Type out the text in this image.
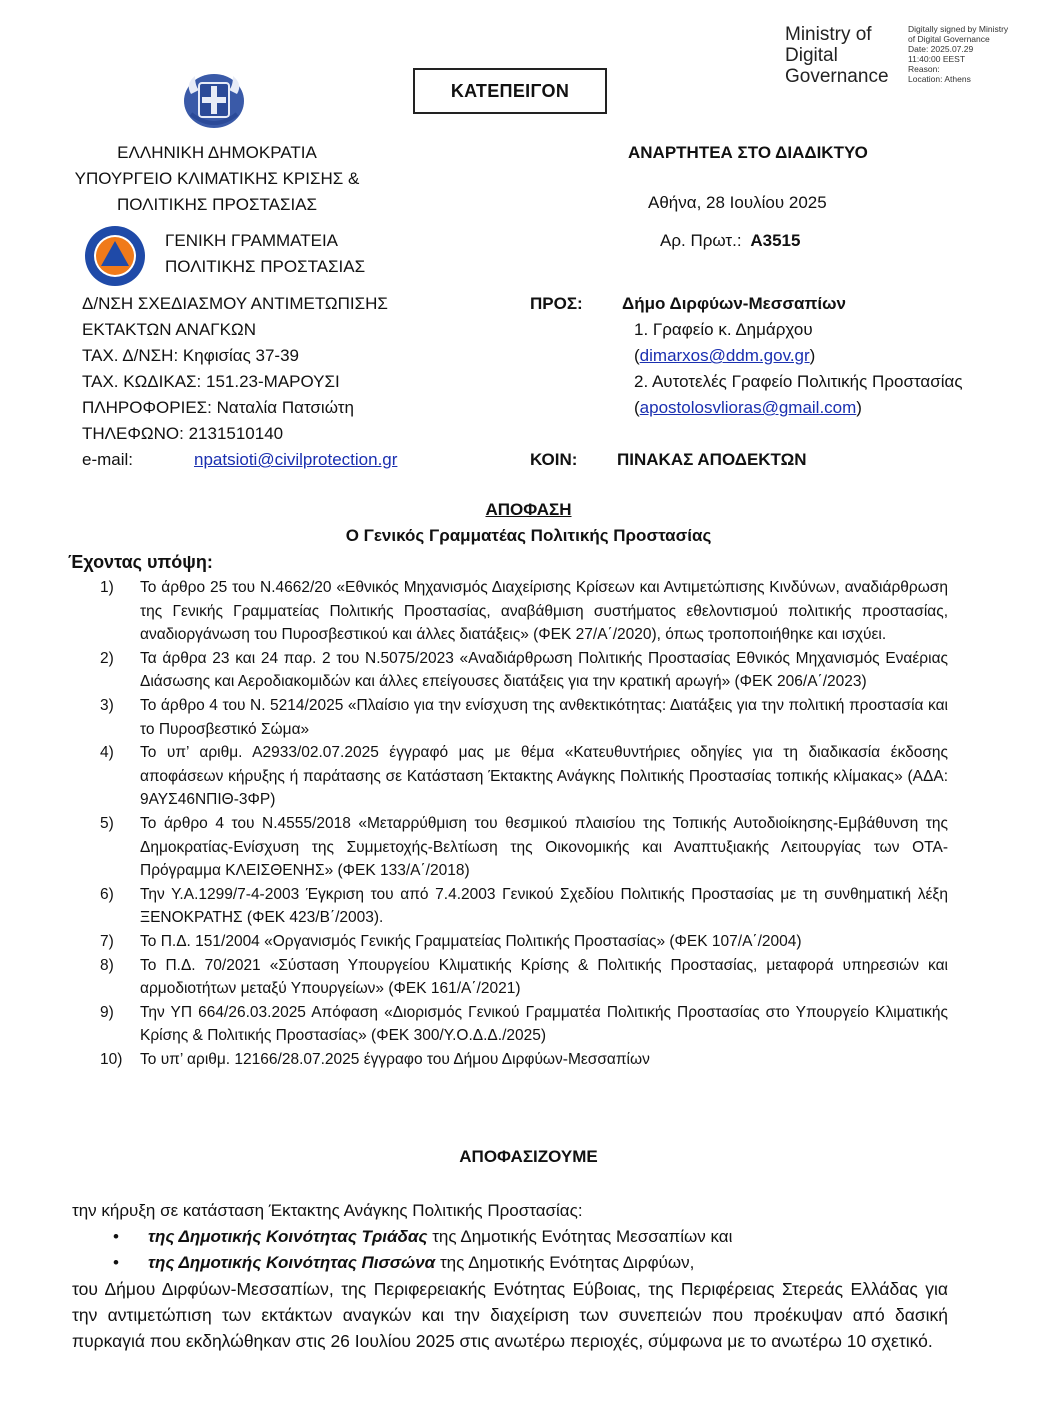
ΚΑΤΕΠΕΙΓΟΝ
Ministry of
Digital
Governance
Digitally signed by Ministry
of Digital Governance
Date: 2025.07.29
11:40:00 EEST
Reason:
Location: Athens
ΕΛΛΗΝΙΚΗ ΔΗΜΟΚΡΑΤΙΑ
ΥΠΟΥΡΓΕΙΟ ΚΛΙΜΑΤΙΚΗΣ ΚΡΙΣΗΣ &
ΠΟΛΙΤΙΚΗΣ ΠΡΟΣΤΑΣΙΑΣ
ΓΕΝΙΚΗ ΓΡΑΜΜΑΤΕΙΑ
ΠΟΛΙΤΙΚΗΣ ΠΡΟΣΤΑΣΙΑΣ
Δ/ΝΣΗ ΣΧΕΔΙΑΣΜΟΥ ΑΝΤΙΜΕΤΩΠΙΣΗΣ
ΕΚΤΑΚΤΩΝ ΑΝΑΓΚΩΝ
ΤΑΧ. Δ/ΝΣΗ: Κηφισίας 37-39
ΤΑΧ. ΚΩΔΙΚΑΣ: 151.23-ΜΑΡΟΥΣΙ
ΠΛΗΡΟΦΟΡΙΕΣ: Ναταλία Πατσιώτη
ΤΗΛΕΦΩΝΟ: 2131510140
e-mail:	npatsioti@civilprotection.gr
ΑΝΑΡΤΗΤΕΑ ΣΤΟ ΔΙΑΔΙΚΤΥΟ
Αθήνα, 28 Ιουλίου 2025
Αρ. Πρωτ.: Α3515
ΠΡΟΣ: Δήμο Διρφύων-Μεσσαπίων
1. Γραφείο κ. Δημάρχου
(dimarxos@ddm.gov.gr)
2. Αυτοτελές Γραφείο Πολιτικής Προστασίας
(apostolosvlioras@gmail.com)
ΚΟΙΝ: ΠΙΝΑΚΑΣ ΑΠΟΔΕΚΤΩΝ
ΑΠΟΦΑΣΗ
Ο Γενικός Γραμματέας Πολιτικής Προστασίας
Έχοντας υπόψη:
1)	Το άρθρο 25 του Ν.4662/20 «Εθνικός Μηχανισμός Διαχείρισης Κρίσεων και Αντιμετώπισης Κινδύνων, αναδιάρθρωση της Γενικής Γραμματείας Πολιτικής Προστασίας, αναβάθμιση συστήματος εθελοντισμού πολιτικής προστασίας, αναδιοργάνωση του Πυροσβεστικού και άλλες διατάξεις» (ΦΕΚ 27/Α΄/2020), όπως τροποποιήθηκε και ισχύει.
2)	Τα άρθρα 23 και 24 παρ. 2 του Ν.5075/2023 «Αναδιάρθρωση Πολιτικής Προστασίας Εθνικός Μηχανισμός Εναέριας Διάσωσης και Αεροδιακομιδών και άλλες επείγουσες διατάξεις για την κρατική αρωγή» (ΦΕΚ 206/Α΄/2023)
3)	Το άρθρο 4 του Ν. 5214/2025 «Πλαίσιο για την ενίσχυση της ανθεκτικότητας: Διατάξεις για την πολιτική προστασία και το Πυροσβεστικό Σώμα»
4)	Το υπ’ αριθμ. Α2933/02.07.2025 έγγραφό μας με θέμα «Κατευθυντήριες οδηγίες για τη διαδικασία έκδοσης αποφάσεων κήρυξης ή παράτασης σε Κατάσταση Έκτακτης Ανάγκης Πολιτικής Προστασίας τοπικής κλίμακας» (ΑΔΑ: 9ΑΥΣ46ΝΠΙΘ-3ΦΡ)
5)	Το άρθρο 4 του Ν.4555/2018 «Μεταρρύθμιση του θεσμικού πλαισίου της Τοπικής Αυτοδιοίκησης-Εμβάθυνση της Δημοκρατίας-Ενίσχυση της Συμμετοχής-Βελτίωση της Οικονομικής και Αναπτυξιακής Λειτουργίας των ΟΤΑ-Πρόγραμμα ΚΛΕΙΣΘΕΝΗΣ» (ΦΕΚ 133/Α΄/2018)
6)	Την Υ.Α.1299/7-4-2003 Έγκριση του από 7.4.2003 Γενικού Σχεδίου Πολιτικής Προστασίας με τη συνθηματική λέξη ΞΕΝΟΚΡΑΤΗΣ (ΦΕΚ 423/Β΄/2003).
7)	Το Π.Δ. 151/2004 «Οργανισμός Γενικής Γραμματείας Πολιτικής Προστασίας» (ΦΕΚ 107/Α΄/2004)
8)	Το Π.Δ. 70/2021 «Σύσταση Υπουργείου Κλιματικής Κρίσης & Πολιτικής Προστασίας, μεταφορά υπηρεσιών και αρμοδιοτήτων μεταξύ Υπουργείων» (ΦΕΚ 161/Α΄/2021)
9)	Την ΥΠ 664/26.03.2025 Απόφαση «Διορισμός Γενικού Γραμματέα Πολιτικής Προστασίας στο Υπουργείο Κλιματικής Κρίσης & Πολιτικής Προστασίας» (ΦΕΚ 300/Υ.Ο.Δ.Δ./2025)
10)	Το υπ’ αριθμ. 12166/28.07.2025 έγγραφο του Δήμου Διρφύων-Μεσσαπίων
ΑΠΟΦΑΣΙΖΟΥΜΕ
την κήρυξη σε κατάσταση Έκτακτης Ανάγκης Πολιτικής Προστασίας:
•	της Δημοτικής Κοινότητας Τριάδας της Δημοτικής Ενότητας Μεσσαπίων και
•	της Δημοτικής Κοινότητας Πισσώνα της Δημοτικής Ενότητας Διρφύων,
του Δήμου Διρφύων-Μεσσαπίων, της Περιφερειακής Ενότητας Εύβοιας, της Περιφέρειας Στερεάς Ελλάδας για την αντιμετώπιση των εκτάκτων αναγκών και την διαχείριση των συνεπειών που προέκυψαν από δασική πυρκαγιά που εκδηλώθηκαν στις 26 Ιουλίου 2025 στις ανωτέρω περιοχές, σύμφωνα με το ανωτέρω 10 σχετικό.
